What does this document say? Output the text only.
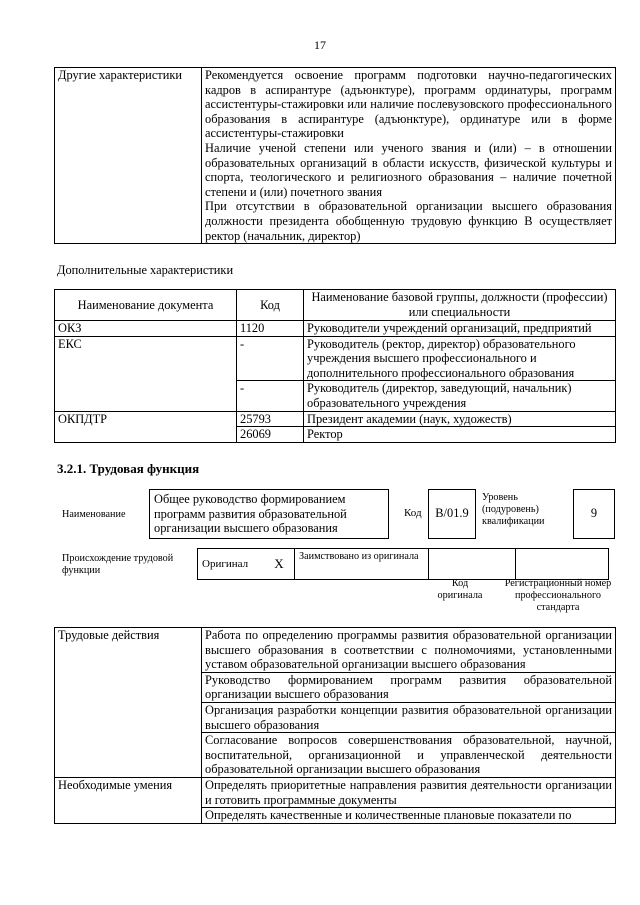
17
Другие характеристики	Рекомендуется освоение программ подготовки научно-педагогических кадров в аспирантуре (адъюнктуре), программ ординатуры, программ ассистентуры-стажировки или наличие послевузовского профессионального образования в аспирантуре (адъюнктуре), ординатуре или в форме ассистентуры-стажировки

Наличие ученой степени или ученого звания и (или) – в отношении образовательных организаций в области искусств, физической культуры и спорта, теологического и религиозного образования – наличие почетной степени и (или) почетного звания

При отсутствии в образовательной организации высшего образования должности президента обобщенную трудовую функцию В осуществляет ректор (начальник, директор)

Дополнительные характеристики
Наименование документа	Код	Наименование базовой группы, должности (профессии) или специальности
ОКЗ	1120	Руководители учреждений организаций, предприятий
ЕКС	-	Руководитель (ректор, директор) образовательного учреждения высшего профессионального и дополнительного профессионального образования
	-	Руководитель (директор, заведующий, начальник) образовательного учреждения
ОКПДТР	25793	Президент академии (наук, художеств)
	26069	Ректор
3.2.1. Трудовая функция
Наименование
Общее руководство формированием программ развития образовательной организации высшего образования
Код	B/01.9
Уровень (подуровень) квалификации
9
Происхождение трудовой функции
Оригинал	X	Заимствовано из оригинала		
Код оригинала
Регистрационный номер профессионального стандарта
Трудовые действия	Работа по определению программы развития образовательной организации высшего образования в соответствии с полномочиями, установленными уставом образовательной организации высшего образования
	Руководство формированием программ развития образовательной организации высшего образования
	Организация разработки концепции развития образовательной организации высшего образования
	Согласование вопросов совершенствования образовательной, научной, воспитательной, организационной и управленческой деятельности образовательной организации высшего образования
Необходимые умения	Определять приоритетные направления развития деятельности организации и готовить программные документы
	Определять качественные и количественные плановые показатели по
